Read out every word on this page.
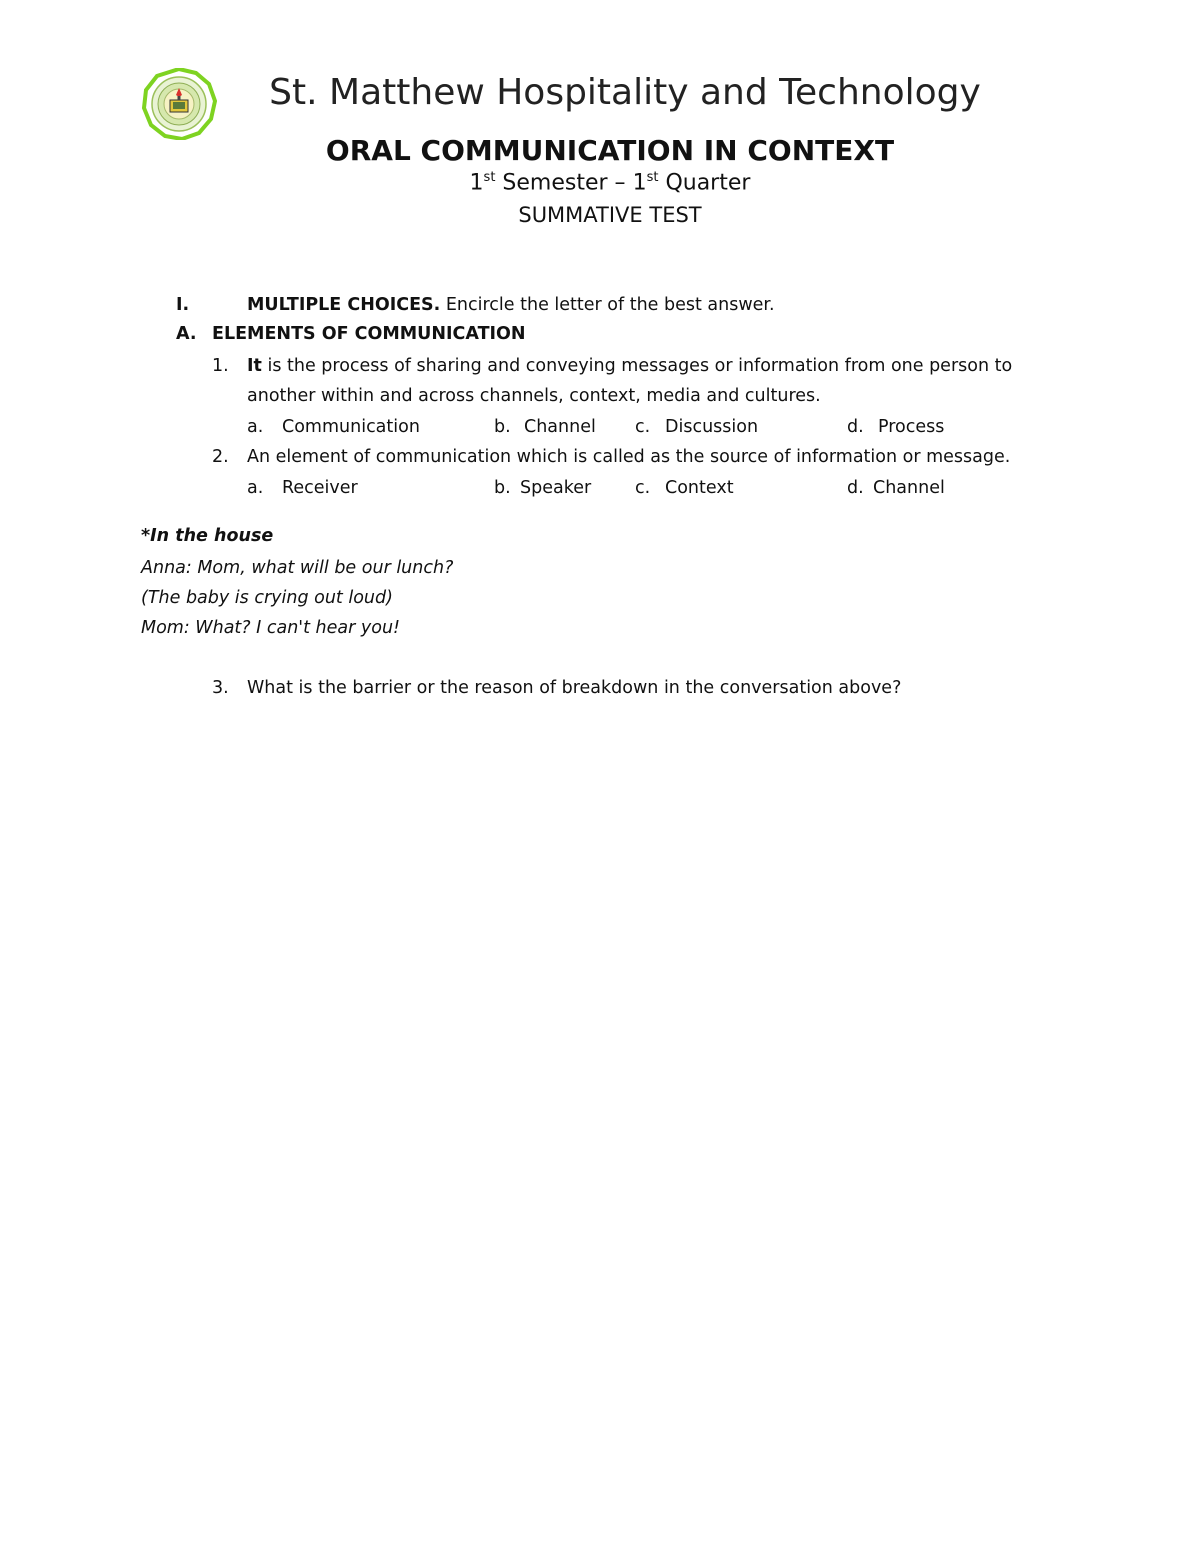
St. Matthew Hospitality and Technology
ORAL COMMUNICATION IN CONTEXT
1st Semester – 1st Quarter
SUMMATIVE TEST
I.	MULTIPLE CHOICES. Encircle the letter of the best answer.
A. ELEMENTS OF COMMUNICATION
1. It is the process of sharing and conveying messages or information from one person to
another within and across channels, context, media and cultures.
a. Communication	b. Channel c. Discussion	d. Process
2. An element of communication which is called as the source of information or message.
a. Receiver	b. Speaker	c. Context	d. Channel
*In the house
Anna: Mom, what will be our lunch?
(The baby is crying out loud)
Mom: What? I can't hear you!
3. What is the barrier or the reason of breakdown in the conversation above?
